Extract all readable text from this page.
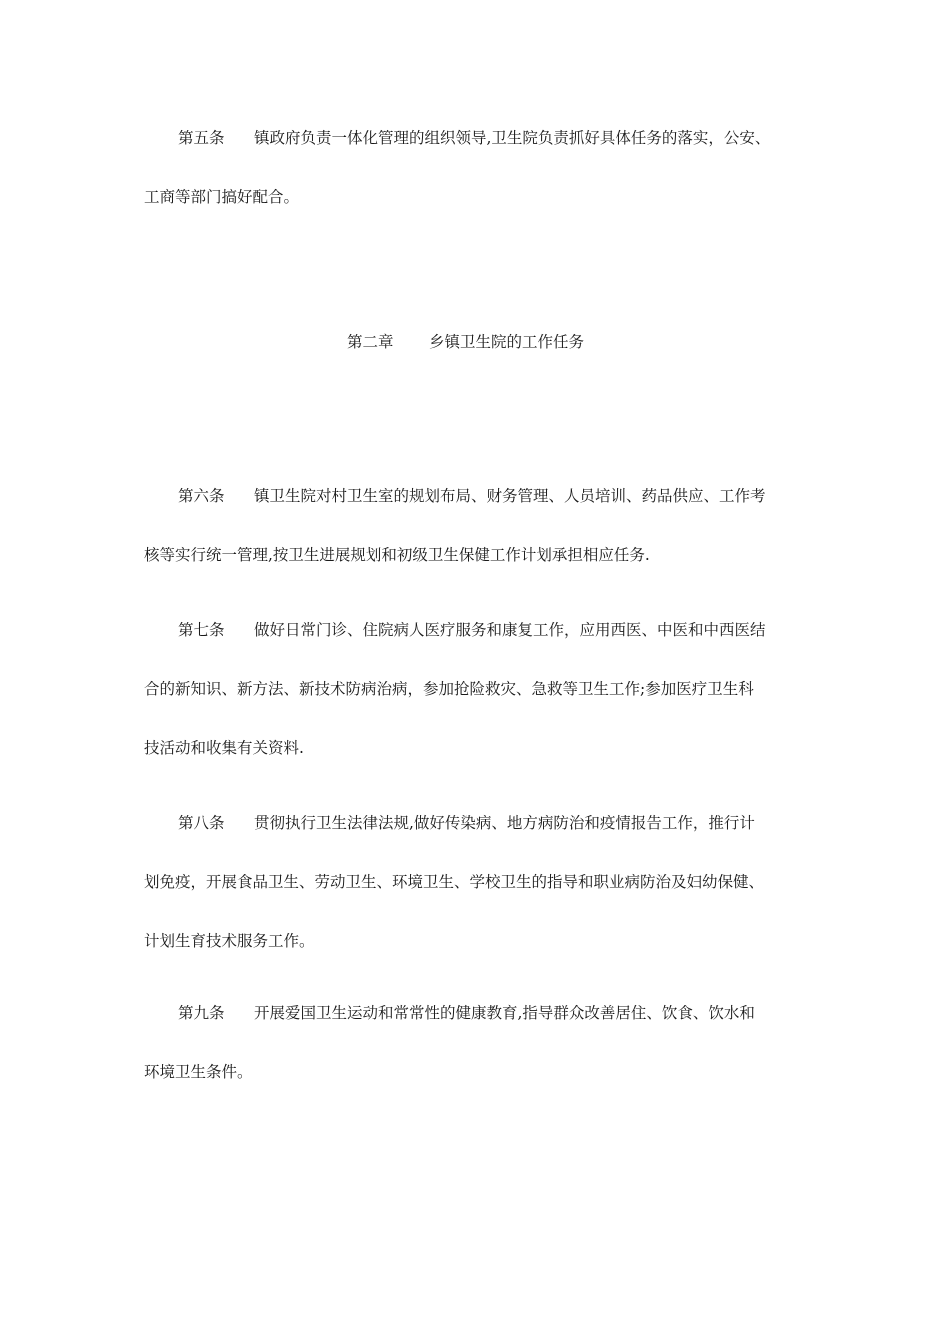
第五条 镇政府负责一体化管理的组织领导,卫生院负责抓好具体任务的落实，公安、
工商等部门搞好配合。
第二章 乡镇卫生院的工作任务
第六条 镇卫生院对村卫生室的规划布局、财务管理、人员培训、药品供应、工作考
核等实行统一管理,按卫生进展规划和初级卫生保健工作计划承担相应任务.
第七条 做好日常门诊、住院病人医疗服务和康复工作，应用西医、中医和中西医结
合的新知识、新方法、新技术防病治病，参加抢险救灾、急救等卫生工作;参加医疗卫生科
技活动和收集有关资料.
第八条 贯彻执行卫生法律法规,做好传染病、地方病防治和疫情报告工作，推行计
划免疫，开展食品卫生、劳动卫生、环境卫生、学校卫生的指导和职业病防治及妇幼保健、
计划生育技术服务工作。
第九条 开展爱国卫生运动和常常性的健康教育,指导群众改善居住、饮食、饮水和
环境卫生条件。
